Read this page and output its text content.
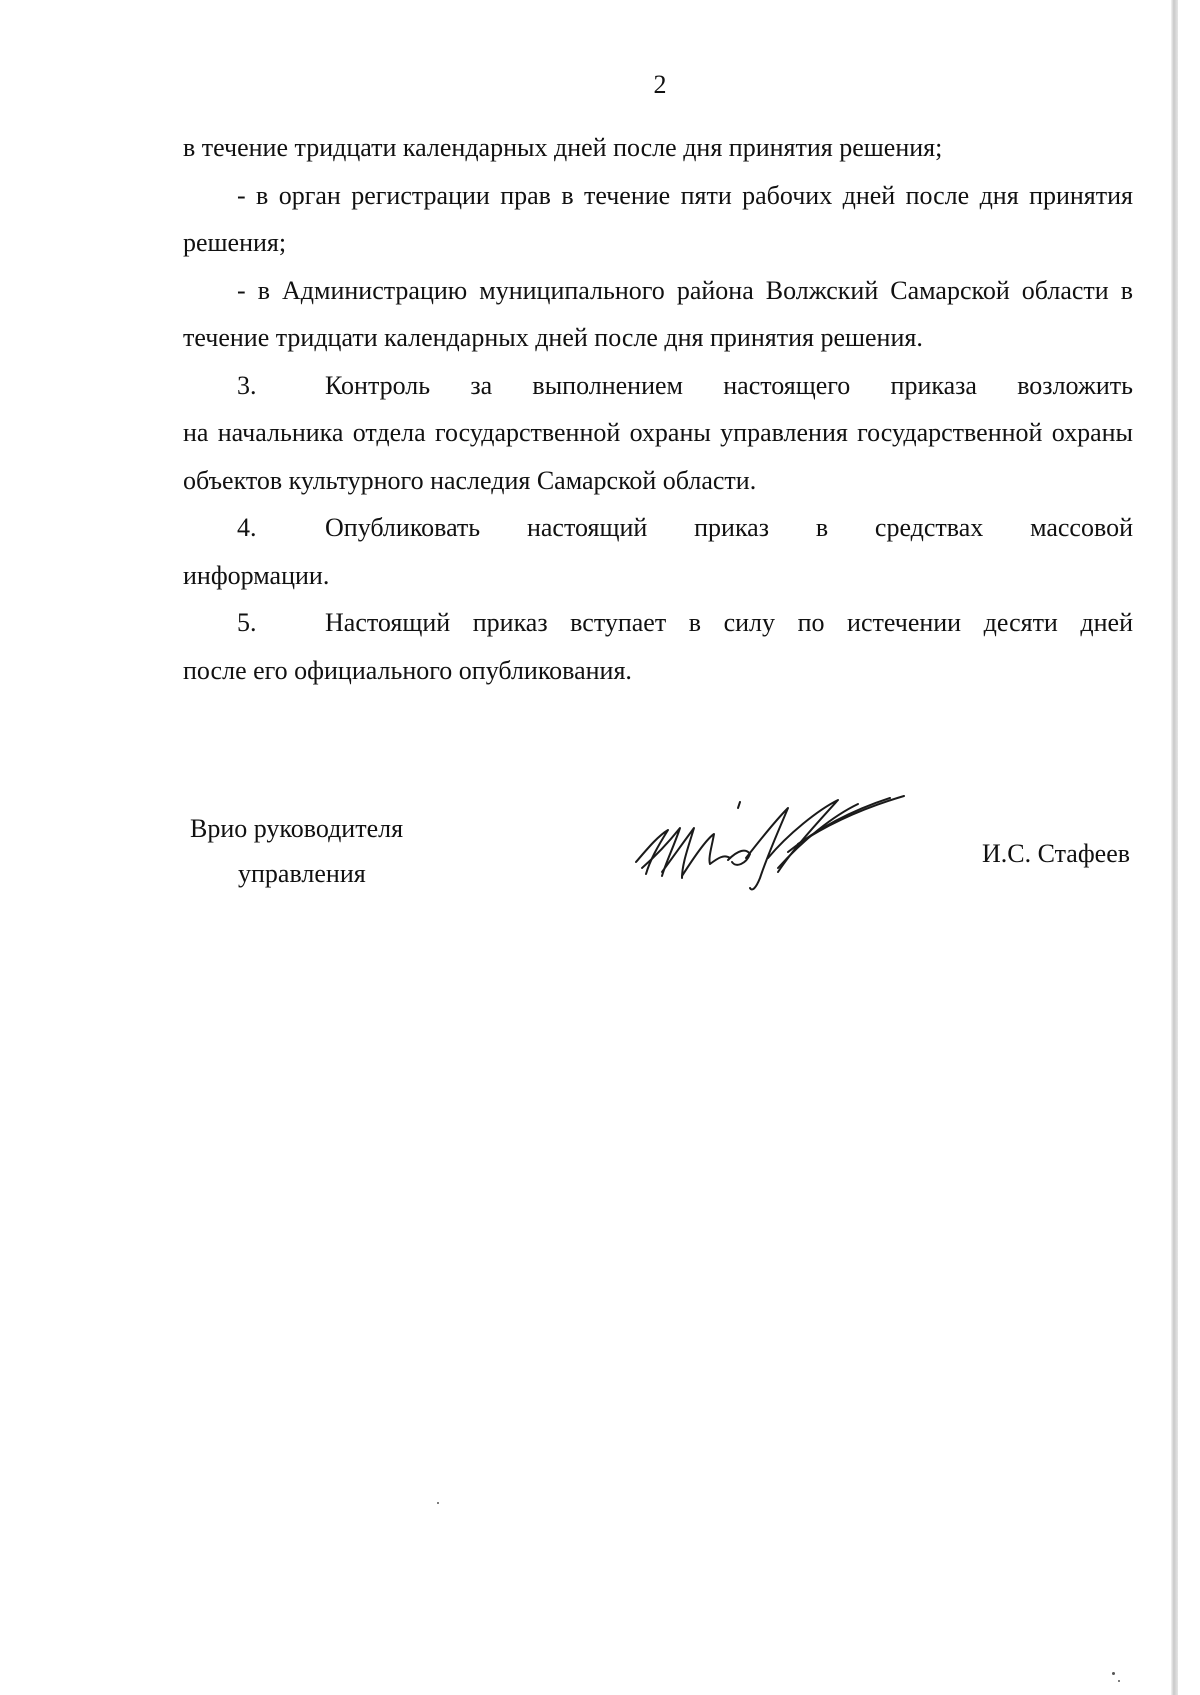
2

в течение тридцати календарных дней после дня принятия решения;

- в орган регистрации прав в течение пяти рабочих дней после дня принятия решения;

- в Администрацию муниципального района Волжский Самарской области в течение тридцати календарных дней после дня принятия решения.

3.	Контроль за выполнением настоящего приказа возложить
на начальника отдела государственной охраны управления государственной охраны объектов культурного наследия Самарской области.
4.	Опубликовать настоящий приказ в средствах массовой
информации.
5.	Настоящий приказ вступает в силу по истечении десяти дней
после его официального опубликования.
Врио руководителя
управления
И.С. Стафеев
